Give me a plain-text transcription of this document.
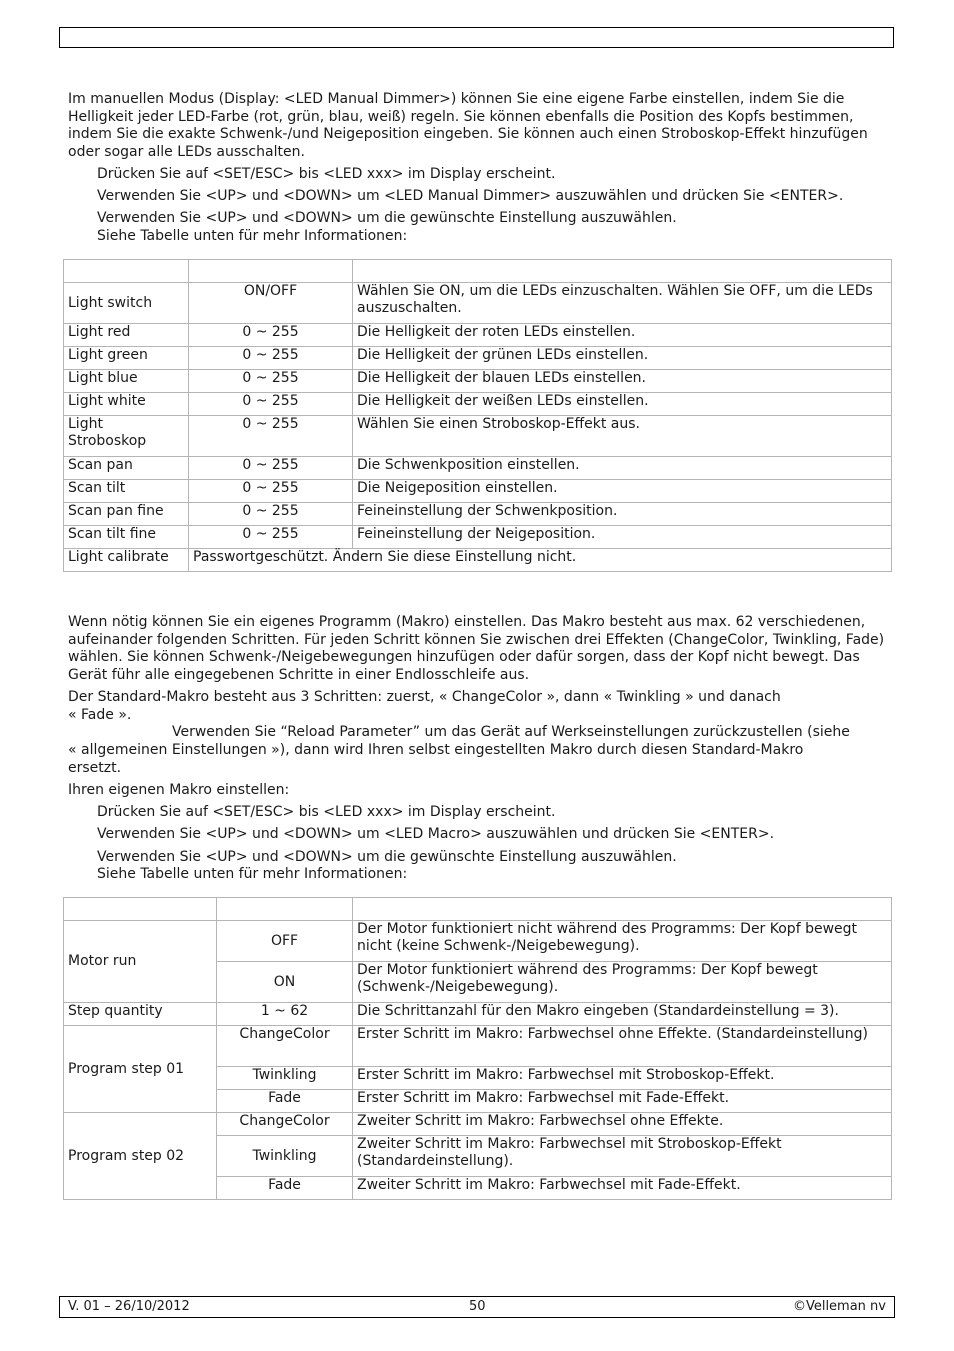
Im manuellen Modus (Display: <LED Manual Dimmer>) können Sie eine eigene Farbe einstellen, indem Sie die Helligkeit jeder LED-Farbe (rot, grün, blau, weiß) regeln. Sie können ebenfalls die Position des Kopfs bestimmen, indem Sie die exakte Schwenk-/und Neigeposition eingeben. Sie können auch einen Stroboskop-Effekt hinzufügen oder sogar alle LEDs ausschalten.

Drücken Sie auf <SET/ESC> bis <LED xxx> im Display erscheint.

Verwenden Sie <UP> und <DOWN> um <LED Manual Dimmer> auszuwählen und drücken Sie <ENTER>.

Verwenden Sie <UP> und <DOWN> um die gewünschte Einstellung auszuwählen.

Siehe Tabelle unten für mehr Informationen:

Light switch	ON/OFF	Wählen Sie ON, um die LEDs einzuschalten. Wählen Sie OFF, um die LEDs auszuschalten.
Light red	0 ~ 255	Die Helligkeit der roten LEDs einstellen.
Light green	0 ~ 255	Die Helligkeit der grünen LEDs einstellen.
Light blue	0 ~ 255	Die Helligkeit der blauen LEDs einstellen.
Light white	0 ~ 255	Die Helligkeit der weißen LEDs einstellen.
Light Stroboskop	0 ~ 255	Wählen Sie einen Stroboskop-Effekt aus.
Scan pan	0 ~ 255	Die Schwenkposition einstellen.
Scan tilt	0 ~ 255	Die Neigeposition einstellen.
Scan pan fine	0 ~ 255	Feineinstellung der Schwenkposition.
Scan tilt fine	0 ~ 255	Feineinstellung der Neigeposition.
Light calibrate	Passwortgeschützt. Ändern Sie diese Einstellung nicht.	

Wenn nötig können Sie ein eigenes Programm (Makro) einstellen. Das Makro besteht aus max. 62 verschiedenen, aufeinander folgenden Schritten. Für jeden Schritt können Sie zwischen drei Effekten (ChangeColor, Twinkling, Fade) wählen. Sie können Schwenk-/Neigebewegungen hinzufügen oder dafür sorgen, dass der Kopf nicht bewegt. Das Gerät führ alle eingegebenen Schritte in einer Endlosschleife aus.

Der Standard-Makro besteht aus 3 Schritten: zuerst, « ChangeColor », dann « Twinkling » und danach

« Fade ».

Verwenden Sie “Reload Parameter” um das Gerät auf Werkseinstellungen zurückzustellen (siehe

« allgemeinen Einstellungen »), dann wird Ihren selbst eingestellten Makro durch diesen Standard-Makro

ersetzt.

Ihren eigenen Makro einstellen:

Drücken Sie auf <SET/ESC> bis <LED xxx> im Display erscheint.

Verwenden Sie <UP> und <DOWN> um <LED Macro> auszuwählen und drücken Sie <ENTER>.

Verwenden Sie <UP> und <DOWN> um die gewünschte Einstellung auszuwählen.

Siehe Tabelle unten für mehr Informationen:

Motor run	OFF	Der Motor funktioniert nicht während des Programms: Der Kopf bewegt nicht (keine Schwenk-/Neigebewegung).
	ON	Der Motor funktioniert während des Programms: Der Kopf bewegt (Schwenk-/Neigebewegung).
Step quantity	1 ~ 62	Die Schrittanzahl für den Makro eingeben (Standardeinstellung = 3).
Program step 01	ChangeColor	Erster Schritt im Makro: Farbwechsel ohne Effekte. (Standardeinstellung)
	Twinkling	Erster Schritt im Makro: Farbwechsel mit Stroboskop-Effekt.
	Fade	Erster Schritt im Makro: Farbwechsel mit Fade-Effekt.
Program step 02	ChangeColor	Zweiter Schritt im Makro: Farbwechsel ohne Effekte.
	Twinkling	Zweiter Schritt im Makro: Farbwechsel mit Stroboskop-Effekt (Standardeinstellung).
	Fade	Zweiter Schritt im Makro: Farbwechsel mit Fade-Effekt.
V. 01 – 26/10/2012	50	©Velleman nv
